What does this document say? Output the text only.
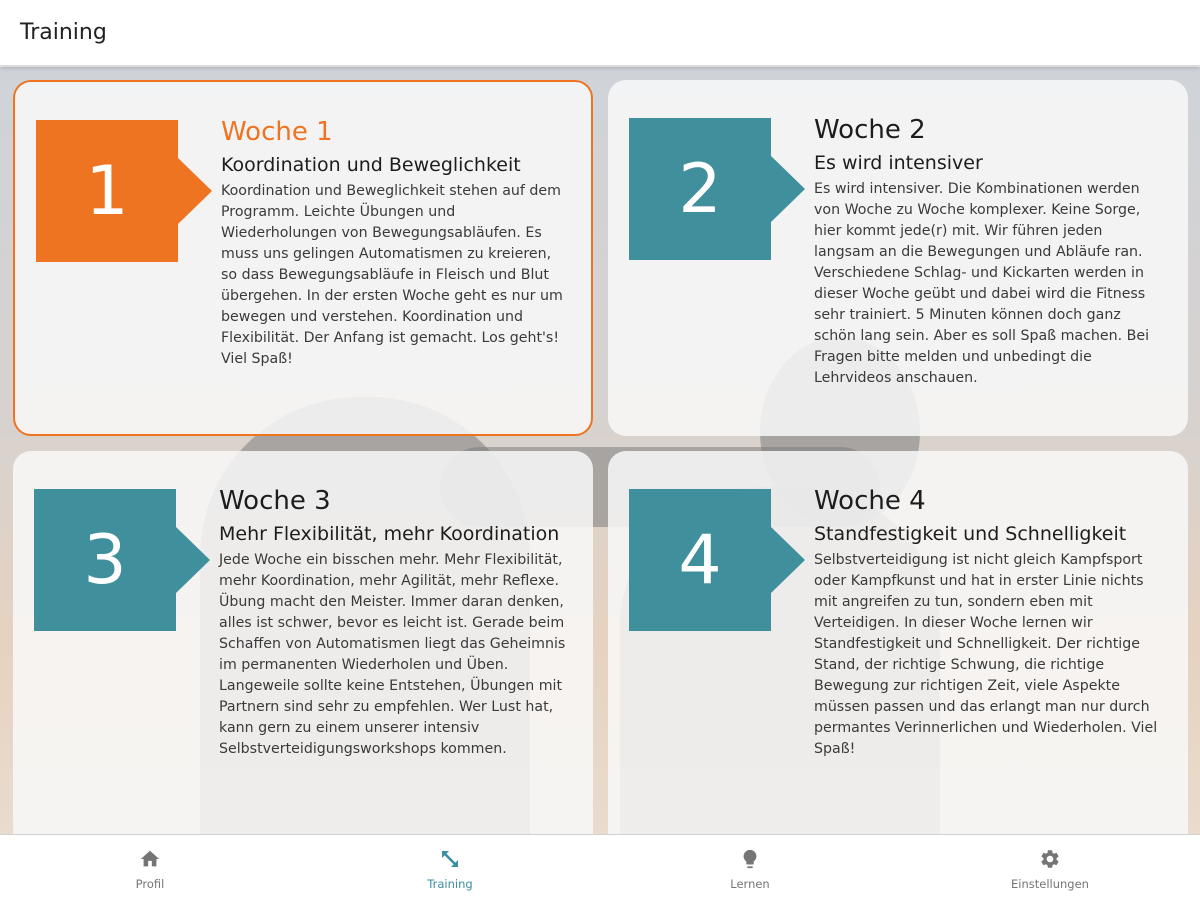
Training
1
Woche 1
Koordination und Beweglichkeit
Koordination und Beweglichkeit stehen auf dem Programm. Leichte Übungen und Wiederholungen von Bewegungsabläufen. Es muss uns gelingen Automatismen zu kreieren, so dass Bewegungsabläufe in Fleisch und Blut übergehen. In der ersten Woche geht es nur um bewegen und verstehen. Koordination und Flexibilität. Der Anfang ist gemacht. Los geht's! Viel Spaß!
2
Woche 2
Es wird intensiver
Es wird intensiver. Die Kombinationen werden von Woche zu Woche komplexer. Keine Sorge, hier kommt jede(r) mit. Wir führen jeden langsam an die Bewegungen und Abläufe ran. Verschiedene Schlag- und Kickarten werden in dieser Woche geübt und dabei wird die Fitness sehr trainiert. 5 Minuten können doch ganz schön lang sein. Aber es soll Spaß machen. Bei Fragen bitte melden und unbedingt die Lehrvideos anschauen.
3
Woche 3
Mehr Flexibilität, mehr Koordination
Jede Woche ein bisschen mehr. Mehr Flexibilität, mehr Koordination, mehr Agilität, mehr Reflexe. Übung macht den Meister. Immer daran denken, alles ist schwer, bevor es leicht ist. Gerade beim Schaffen von Automatismen liegt das Geheimnis im permanenten Wiederholen und Üben. Langeweile sollte keine Entstehen, Übungen mit Partnern sind sehr zu empfehlen. Wer Lust hat, kann gern zu einem unserer intensiv Selbstverteidigungsworkshops kommen.
4
Woche 4
Standfestigkeit und Schnelligkeit
Selbstverteidigung ist nicht gleich Kampfsport oder Kampfkunst und hat in erster Linie nichts mit angreifen zu tun, sondern eben mit Verteidigen. In dieser Woche lernen wir Standfestigkeit und Schnelligkeit. Der richtige Stand, der richtige Schwung, die richtige Bewegung zur richtigen Zeit, viele Aspekte müssen passen und das erlangt man nur durch permantes Verinnerlichen und Wiederholen. Viel Spaß!
Profil	Training	Lernen	Einstellungen
